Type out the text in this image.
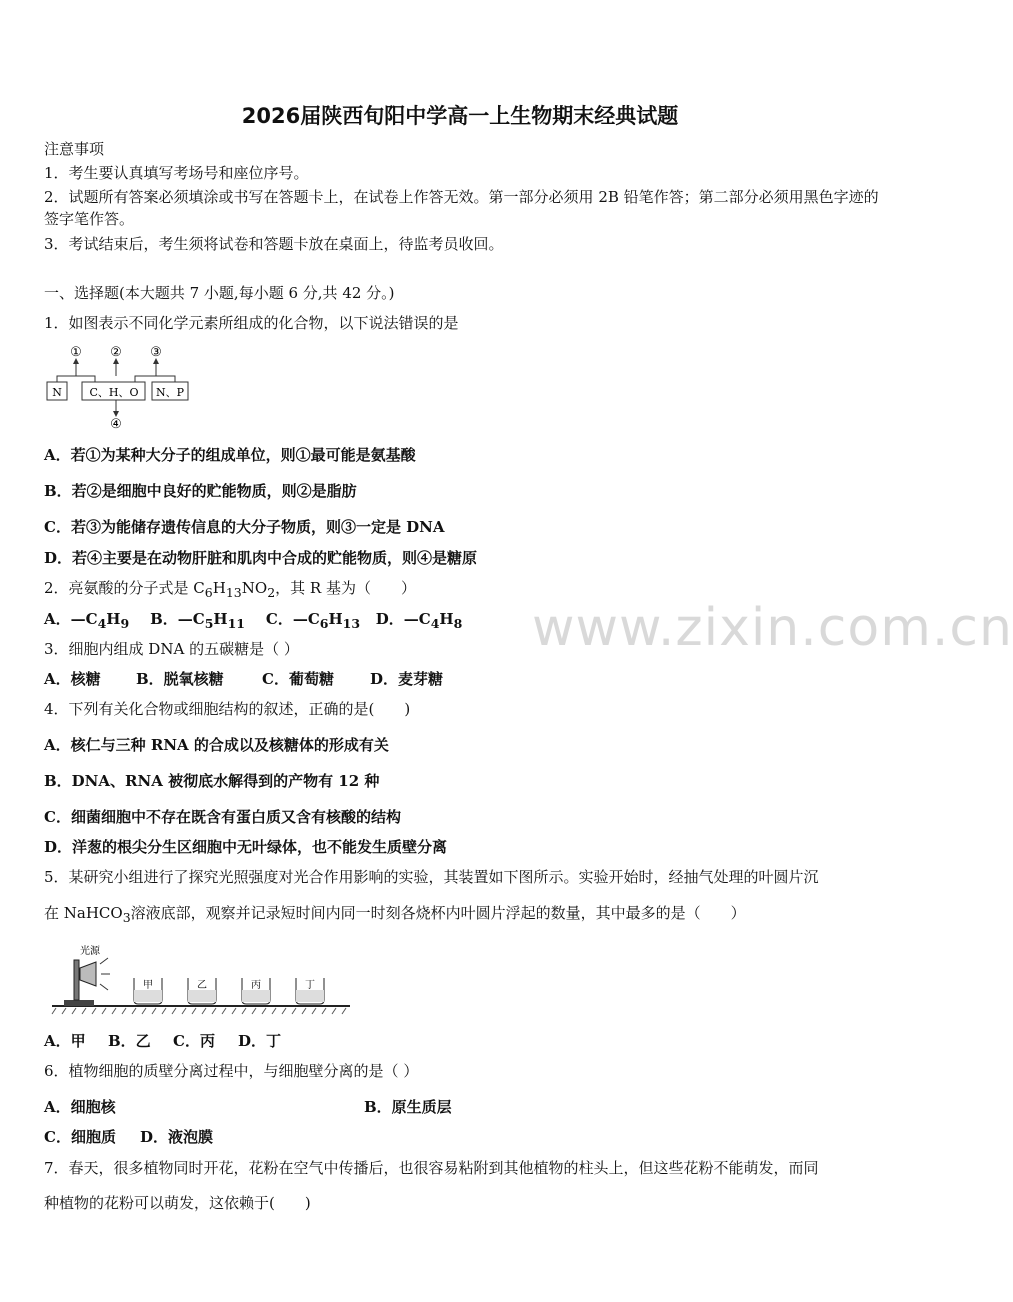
2026届陕西旬阳中学高一上生物期末经典试题
注意事项
1．考生要认真填写考场号和座位序号。
2．试题所有答案必须填涂或书写在答题卡上，在试卷上作答无效。第一部分必须用 2B 铅笔作答；第二部分必须用黑色字迹的签字笔作答。
3．考试结束后，考生须将试卷和答题卡放在桌面上，待监考员收回。
一、选择题(本大题共 7 小题,每小题 6 分,共 42 分。)
1．如图表示不同化学元素所组成的化合物，以下说法错误的是
① ② ③
N	C、H、O N、P
④
A．若①为某种大分子的组成单位，则①最可能是氨基酸
B．若②是细胞中良好的贮能物质，则②是脂肪
C．若③为能储存遗传信息的大分子物质，则③一定是 DNA
D．若④主要是在动物肝脏和肌肉中合成的贮能物质，则④是糖原
2．亮氨酸的分子式是 $C_6H_{13}NO_2$，其 R 基为（　　）
A．$—C_4H_9$ B．$—C_5H_{11}$ C．$—C_6H_{13}$ D．$—C_4H_8$
3．细胞内组成 DNA 的五碳糖是（ ）
A．核糖 B．脱氧核糖	C．葡萄糖 D．麦芽糖
4．下列有关化合物或细胞结构的叙述，正确的是(　　)
A．核仁与三种 RNA 的合成以及核糖体的形成有关
B．DNA、RNA 被彻底水解得到的产物有 12 种
C．细菌细胞中不存在既含有蛋白质又含有核酸的结构
D．洋葱的根尖分生区细胞中无叶绿体，也不能发生质壁分离
5．某研究小组进行了探究光照强度对光合作用影响的实验，其装置如下图所示。实验开始时，经抽气处理的叶圆片沉
在 NaHCO$_3$溶液底部，观察并记录短时间内同一时刻各烧杯内叶圆片浮起的数量，其中最多的是（　　）
光源
甲	乙	丙	丁
A．甲 B．乙 C．丙 D．丁
6．植物细胞的质壁分离过程中，与细胞壁分离的是（ ）
A．细胞核	B．原生质层
C．细胞质 D．液泡膜
7．春天，很多植物同时开花，花粉在空气中传播后，也很容易粘附到其他植物的柱头上，但这些花粉不能萌发，而同
种植物的花粉可以萌发，这依赖于(　　)
www.zixin.com.cn
